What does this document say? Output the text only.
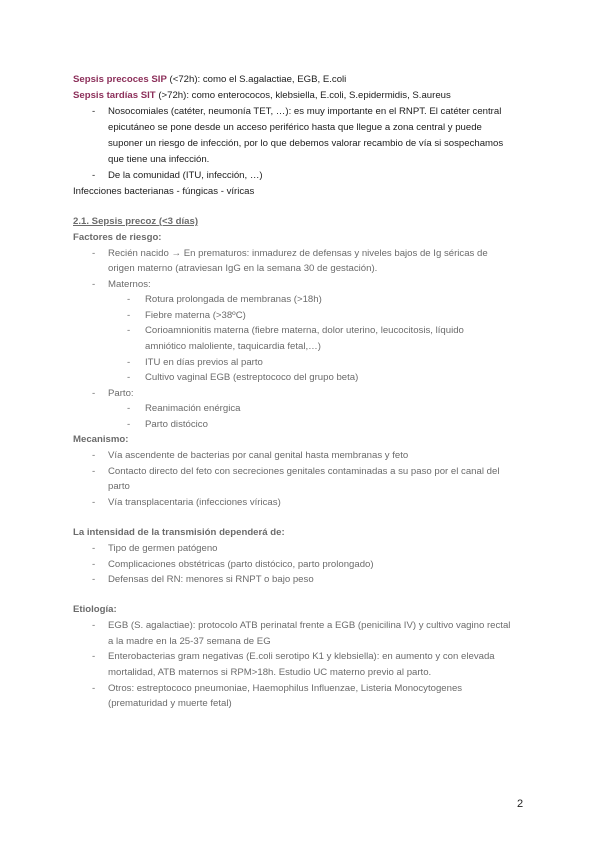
Sepsis precoces SIP (<72h): como el S.agalactiae, EGB, E.coli
Sepsis tardías SIT (>72h): como enterococos, klebsiella, E.coli, S.epidermidis, S.aureus
- Nosocomiales (catéter, neumonía TET, …): es muy importante en el RNPT. El catéter central
epicutáneo se pone desde un acceso periférico hasta que llegue a zona central y puede
suponer un riesgo de infección, por lo que debemos valorar recambio de vía si sospechamos
que tiene una infección.
- De la comunidad (ITU, infección, …)
Infecciones bacterianas - fúngicas - víricas
2.1. Sepsis precoz (<3 días)
Factores de riesgo:
- Recién nacido → En prematuros: inmadurez de defensas y niveles bajos de Ig séricas de
origen materno (atraviesan IgG en la semana 30 de gestación).
- Maternos:
- Rotura prolongada de membranas (>18h)
- Fiebre materna (>38ºC)
- Corioamnionitis materna (fiebre materna, dolor uterino, leucocitosis, líquido
amniótico maloliente, taquicardia fetal,…)
- ITU en días previos al parto
- Cultivo vaginal EGB (estreptococo del grupo beta)
- Parto:
- Reanimación enérgica
- Parto distócico
Mecanismo:
- Vía ascendente de bacterias por canal genital hasta membranas y feto
- Contacto directo del feto con secreciones genitales contaminadas a su paso por el canal del
parto
- Vía transplacentaria (infecciones víricas)
La intensidad de la transmisión dependerá de:
- Tipo de germen patógeno
- Complicaciones obstétricas (parto distócico, parto prolongado)
- Defensas del RN: menores si RNPT o bajo peso
Etiología:
- EGB (S. agalactiae): protocolo ATB perinatal frente a EGB (penicilina IV) y cultivo vagino rectal
a la madre en la 25-37 semana de EG
- Enterobacterias gram negativas (E.coli serotipo K1 y klebsiella): en aumento y con elevada
mortalidad, ATB maternos si RPM>18h. Estudio UC materno previo al parto.
- Otros: estreptococo pneumoniae, Haemophilus Influenzae, Listeria Monocytogenes
(prematuridad y muerte fetal)
2
